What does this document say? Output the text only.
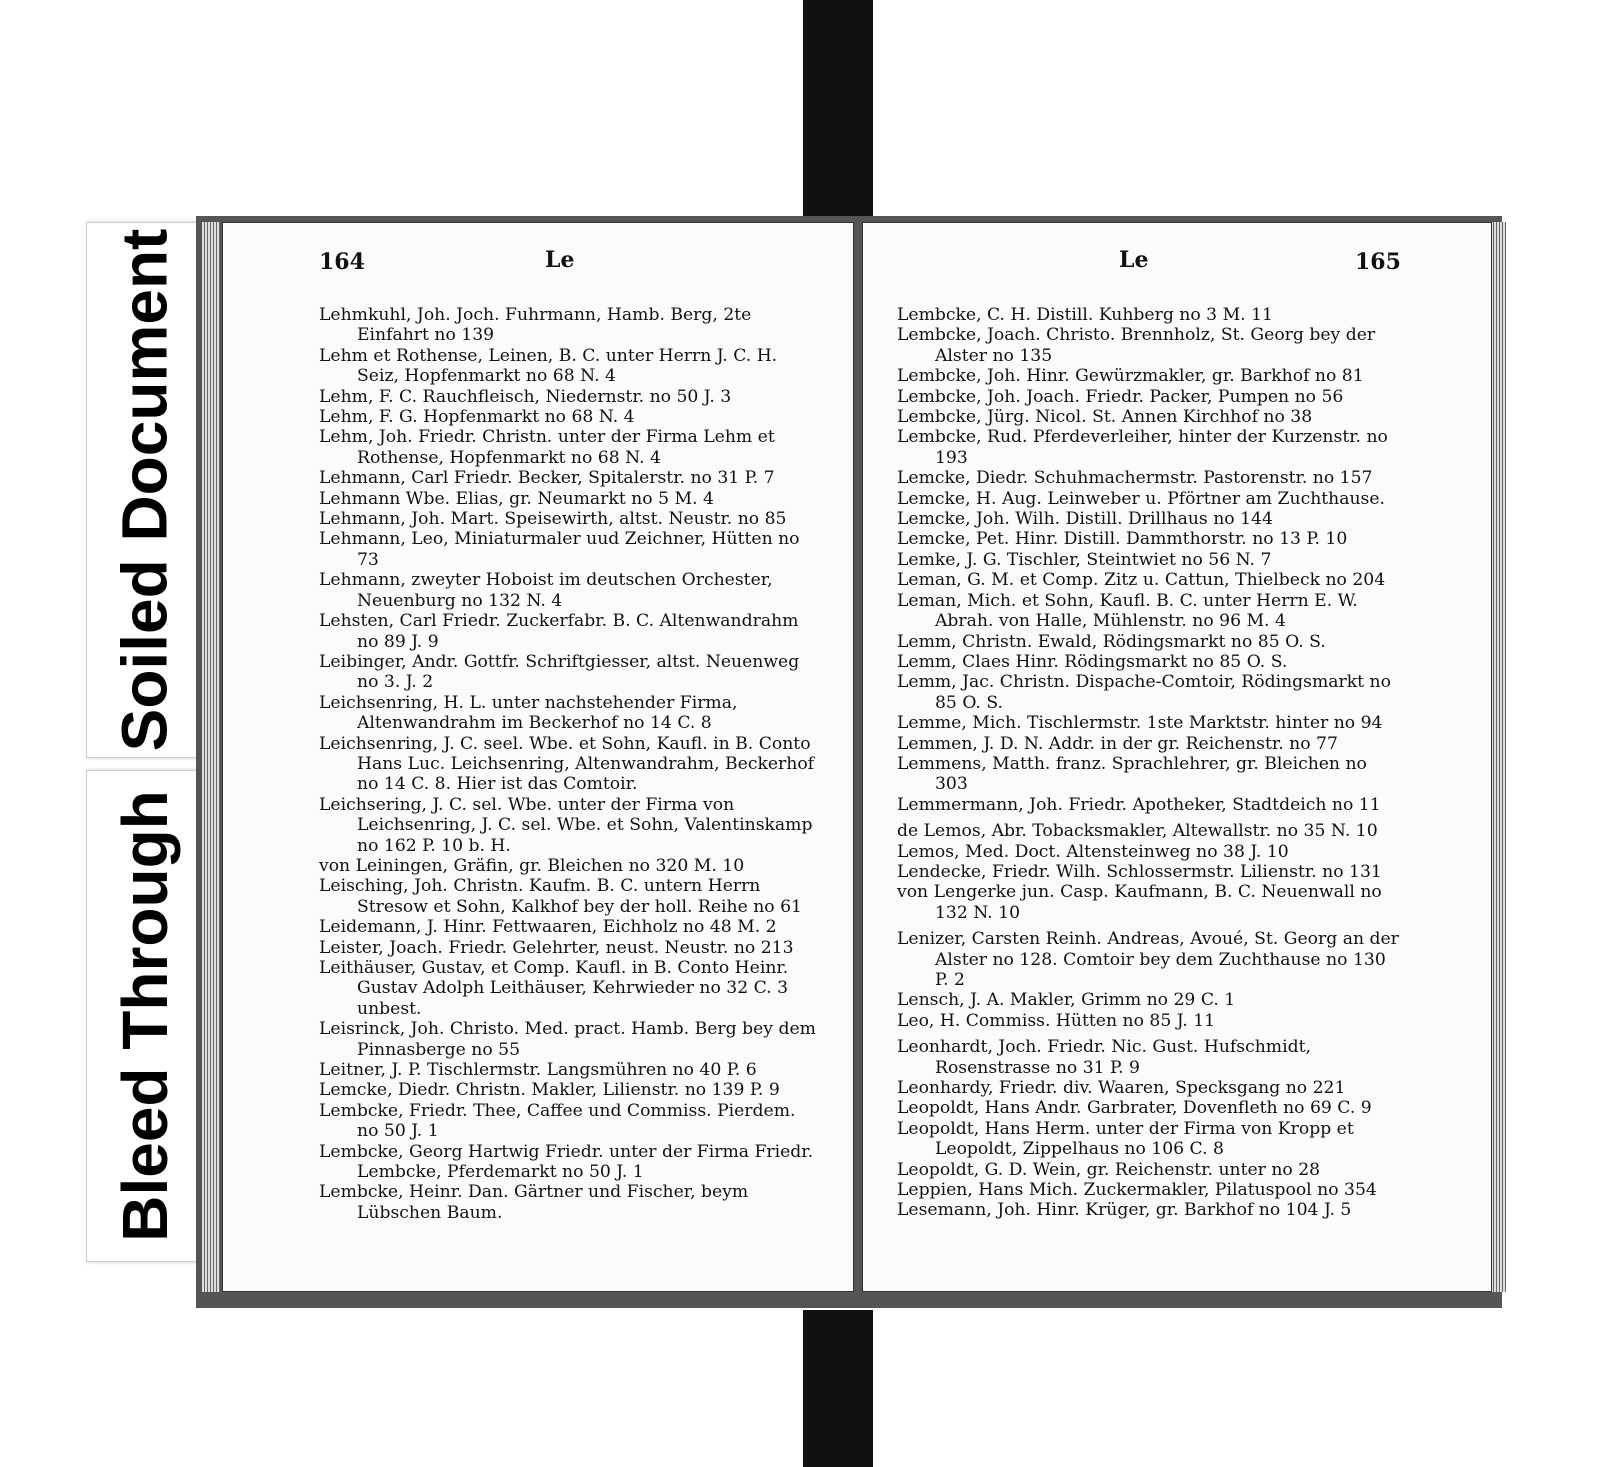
Soiled Document
Bleed Through
164	Le

Lehmkuhl, Joh. Joch. Fuhrmann, Hamb. Berg, 2te Einfahrt no 139

Lehm et Rothense, Leinen, B. C. unter Herrn J. C. H. Seiz, Hopfenmarkt no 68 N. 4

Lehm, F. C. Rauchfleisch, Niedernstr. no 50 J. 3

Lehm, F. G. Hopfenmarkt no 68 N. 4

Lehm, Joh. Friedr. Christn. unter der Firma Lehm et Rothense, Hopfenmarkt no 68 N. 4

Lehmann, Carl Friedr. Becker, Spitalerstr. no 31 P. 7

Lehmann Wbe. Elias, gr. Neumarkt no 5 M. 4

Lehmann, Joh. Mart. Speisewirth, altst. Neustr. no 85

Lehmann, Leo, Miniaturmaler uud Zeichner, Hütten no 73

Lehmann, zweyter Hoboist im deutschen Orchester, Neuenburg no 132 N. 4

Lehsten, Carl Friedr. Zuckerfabr. B. C. Altenwandrahm no 89 J. 9

Leibinger, Andr. Gottfr. Schriftgiesser, altst. Neuenweg no 3. J. 2

Leichsenring, H. L. unter nachstehender Firma, Altenwandrahm im Beckerhof no 14 C. 8

Leichsenring, J. C. seel. Wbe. et Sohn, Kaufl. in B. Conto Hans Luc. Leichsenring, Altenwandrahm, Beckerhof no 14 C. 8. Hier ist das Comtoir.

Leichsering, J. C. sel. Wbe. unter der Firma von Leichsenring, J. C. sel. Wbe. et Sohn, Valentinskamp no 162 P. 10 b. H.

von Leiningen, Gräfin, gr. Bleichen no 320 M. 10

Leisching, Joh. Christn. Kaufm. B. C. untern Herrn Stresow et Sohn, Kalkhof bey der holl. Reihe no 61

Leidemann, J. Hinr. Fettwaaren, Eichholz no 48 M. 2

Leister, Joach. Friedr. Gelehrter, neust. Neustr. no 213

Leithäuser, Gustav, et Comp. Kaufl. in B. Conto Heinr. Gustav Adolph Leithäuser, Kehrwieder no 32 C. 3 unbest.

Leisrinck, Joh. Christo. Med. pract. Hamb. Berg bey dem Pinnasberge no 55

Leitner, J. P. Tischlermstr. Langsmühren no 40 P. 6

Lemcke, Diedr. Christn. Makler, Lilienstr. no 139 P. 9

Lembcke, Friedr. Thee, Caffee und Commiss. Pierdem. no 50 J. 1

Lembcke, Georg Hartwig Friedr. unter der Firma Friedr. Lembcke, Pferdemarkt no 50 J. 1

Lembcke, Heinr. Dan. Gärtner und Fischer, beym Lübschen Baum.

Le	165

Lembcke, C. H. Distill. Kuhberg no 3 M. 11

Lembcke, Joach. Christo. Brennholz, St. Georg bey der Alster no 135

Lembcke, Joh. Hinr. Gewürzmakler, gr. Barkhof no 81

Lembcke, Joh. Joach. Friedr. Packer, Pumpen no 56

Lembcke, Jürg. Nicol. St. Annen Kirchhof no 38

Lembcke, Rud. Pferdeverleiher, hinter der Kurzenstr. no 193

Lemcke, Diedr. Schuhmachermstr. Pastorenstr. no 157

Lemcke, H. Aug. Leinweber u. Pförtner am Zuchthause.

Lemcke, Joh. Wilh. Distill. Drillhaus no 144

Lemcke, Pet. Hinr. Distill. Dammthorstr. no 13 P. 10

Lemke, J. G. Tischler, Steintwiet no 56 N. 7

Leman, G. M. et Comp. Zitz u. Cattun, Thielbeck no 204

Leman, Mich. et Sohn, Kaufl. B. C. unter Herrn E. W. Abrah. von Halle, Mühlenstr. no 96 M. 4

Lemm, Christn. Ewald, Rödingsmarkt no 85 O. S.

Lemm, Claes Hinr. Rödingsmarkt no 85 O. S.

Lemm, Jac. Christn. Dispache-Comtoir, Rödingsmarkt no 85 O. S.

Lemme, Mich. Tischlermstr. 1ste Marktstr. hinter no 94

Lemmen, J. D. N. Addr. in der gr. Reichenstr. no 77

Lemmens, Matth. franz. Sprachlehrer, gr. Bleichen no 303

Lemmermann, Joh. Friedr. Apotheker, Stadtdeich no 11

de Lemos, Abr. Tobacksmakler, Altewallstr. no 35 N. 10

Lemos, Med. Doct. Altensteinweg no 38 J. 10

Lendecke, Friedr. Wilh. Schlossermstr. Lilienstr. no 131

von Lengerke jun. Casp. Kaufmann, B. C. Neuenwall no 132 N. 10

Lenizer, Carsten Reinh. Andreas, Avoué, St. Georg an der Alster no 128. Comtoir bey dem Zuchthause no 130 P. 2

Lensch, J. A. Makler, Grimm no 29 C. 1

Leo, H. Commiss. Hütten no 85 J. 11

Leonhardt, Joch. Friedr. Nic. Gust. Hufschmidt, Rosenstrasse no 31 P. 9

Leonhardy, Friedr. div. Waaren, Specksgang no 221

Leopoldt, Hans Andr. Garbrater, Dovenfleth no 69 C. 9

Leopoldt, Hans Herm. unter der Firma von Kropp et Leopoldt, Zippelhaus no 106 C. 8

Leopoldt, G. D. Wein, gr. Reichenstr. unter no 28

Leppien, Hans Mich. Zuckermakler, Pilatuspool no 354

Lesemann, Joh. Hinr. Krüger, gr. Barkhof no 104 J. 5
